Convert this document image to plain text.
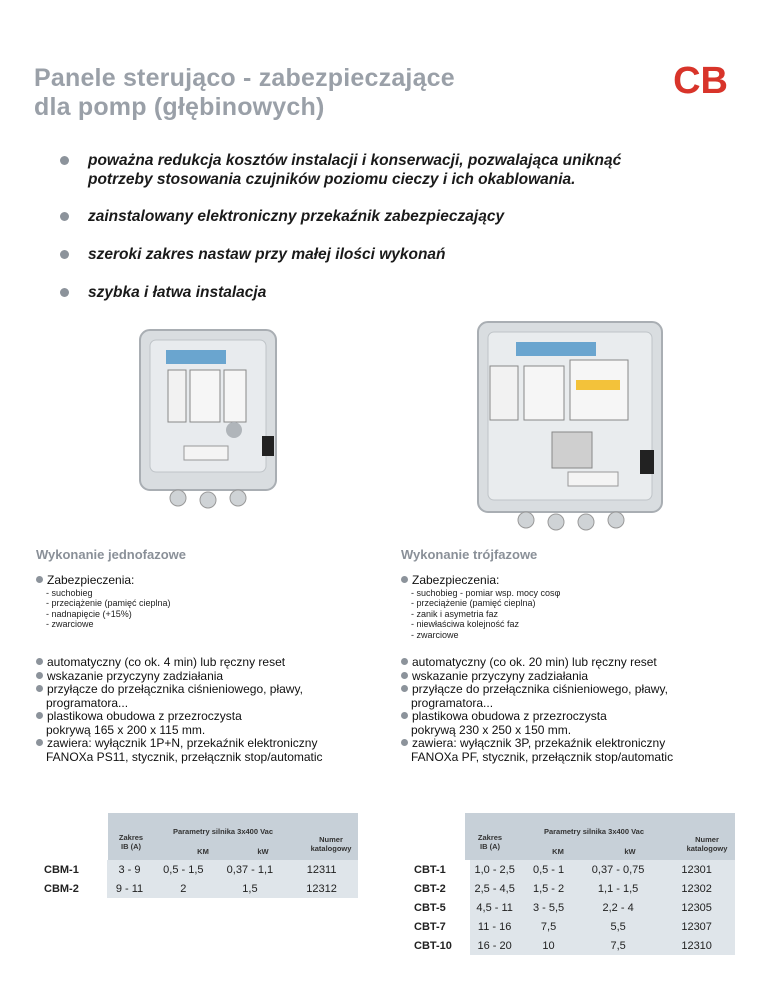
Panele sterująco - zabezpieczające
dla pomp (głębinowych)
CB
poważna redukcja kosztów instalacji i konserwacji, pozwalająca uniknąć
potrzeby stosowania czujników poziomu cieczy i ich okablowania.
zainstalowany elektroniczny przekaźnik zabezpieczający
szeroki zakres nastaw przy małej ilości wykonań
szybka i łatwa instalacja
Wykonanie jednofazowe
Zabezpieczenia:
- suchobieg
- przeciążenie (pamięć cieplna)
- nadnapięcie (+15%)
- zwarciowe
automatyczny (co ok. 4 min) lub ręczny reset
wskazanie przyczyny zadziałania
przyłącze do przełącznika ciśnieniowego, pławy,
programatora...
plastikowa obudowa z przezroczysta
pokrywą 165 x 200 x 115 mm.
zawiera: wyłącznik 1P+N, przekaźnik elektroniczny
FANOXa PS11, stycznik, przełącznik stop/automatic
Wykonanie trójfazowe
Zabezpieczenia:
- suchobieg - pomiar wsp. mocy cosφ
- przeciążenie (pamięć cieplna)
- zanik i asymetria faz
- niewłaściwa kolejność faz
- zwarciowe
automatyczny (co ok. 20 min) lub ręczny reset
wskazanie przyczyny zadziałania
przyłącze do przełącznika ciśnieniowego, pławy,
programatora...
plastikowa obudowa z przezroczysta
pokrywą 230 x 250 x 150 mm.
zawiera: wyłącznik 3P, przekaźnik elektroniczny
FANOXa PF, stycznik, przełącznik stop/automatic
Zakres
IB (A)
Parametry silnika 3x400 Vac
KM	kW
Numer katalogowy
CBM-1	3 - 9	0,5 - 1,5	0,37 - 1,1	12311
CBM-2	9 - 11	2	1,5	12312
Zakres
IB (A)
Parametry silnika 3x400 Vac
KM	kW
Numer katalogowy
CBT-1	1,0 - 2,5	0,5 - 1	0,37 - 0,75	12301
CBT-2	2,5 - 4,5	1,5 - 2	1,1 - 1,5	12302
CBT-5	4,5 - 11	3 - 5,5	2,2 - 4	12305
CBT-7	11 - 16	7,5	5,5	12307
CBT-10	16 - 20	10	7,5	12310
